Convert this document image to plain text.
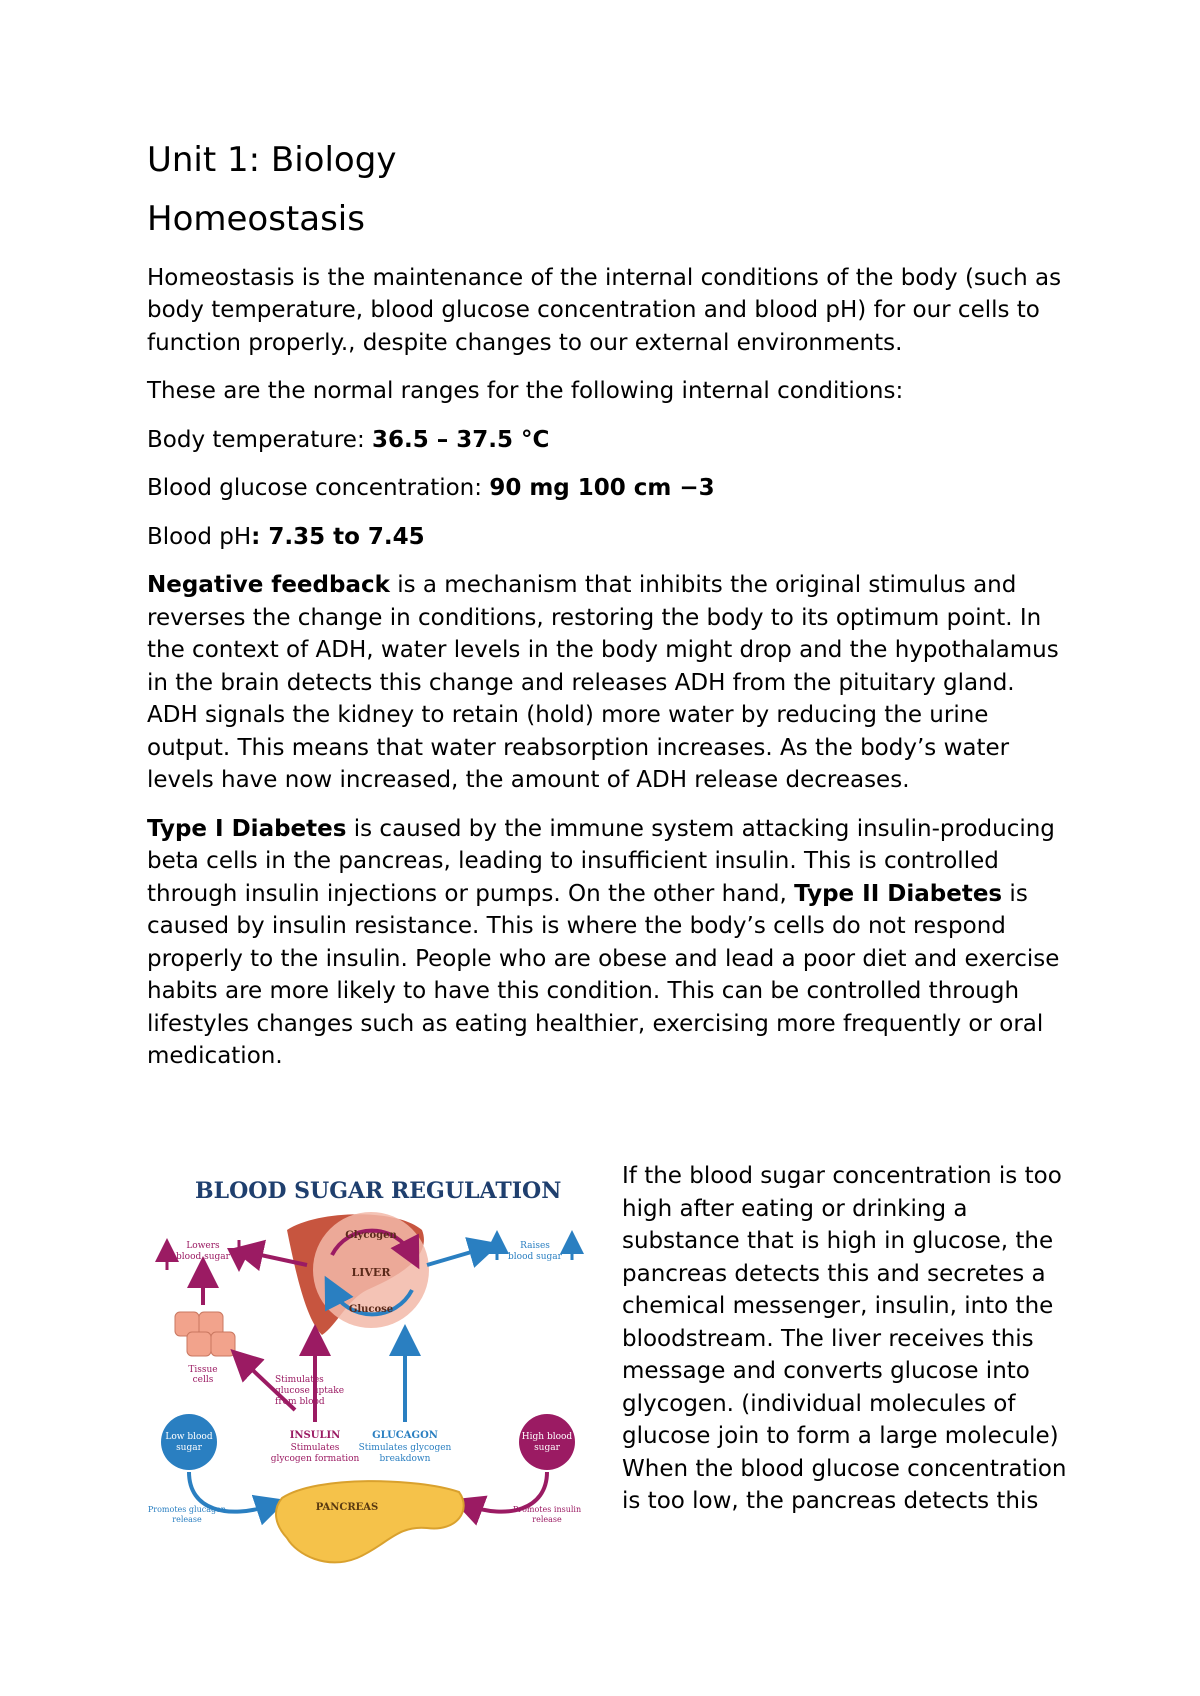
Unit 1: Biology
Homeostasis

Homeostasis is the maintenance of the internal conditions of the body (such as body temperature, blood glucose concentration and blood pH) for our cells to function properly., despite changes to our external environments.

These are the normal ranges for the following internal conditions:

Body temperature: 36.5 – 37.5 °C

Blood glucose concentration: 90 mg 100 cm −3

Blood pH: 7.35 to 7.45

Negative feedback is a mechanism that inhibits the original stimulus and reverses the change in conditions, restoring the body to its optimum point. In the context of ADH, water levels in the body might drop and the hypothalamus in the brain detects this change and releases ADH from the pituitary gland. ADH signals the kidney to retain (hold) more water by reducing the urine output. This means that water reabsorption increases. As the body’s water levels have now increased, the amount of ADH release decreases.

Type I Diabetes is caused by the immune system attacking insulin-producing beta cells in the pancreas, leading to insufficient insulin. This is controlled through insulin injections or pumps. On the other hand, Type II Diabetes is caused by insulin resistance. This is where the body’s cells do not respond properly to the insulin. People who are obese and lead a poor diet and exercise habits are more likely to have this condition. This can be controlled through lifestyles changes such as eating healthier, exercising more frequently or oral medication.

BLOOD SUGAR REGULATION
Lowers
blood sugar
Raises
blood sugar
Glycogen
LIVER
Glucose
Tissue
cells	Stimulates
glucose uptake
from blood
INSULIN
Stimulates
glycogen formation
GLUCAGON
Stimulates glycogen
breakdown
Low blood
sugar
High blood
sugar
PANCREAS
Promotes glucagon
release
Promotes insulin
release

If the blood sugar concentration is too high after eating or drinking a substance that is high in glucose, the pancreas detects this and secretes a chemical messenger, insulin, into the bloodstream. The liver receives this message and converts glucose into glycogen. (individual molecules of glucose join to form a large molecule) When the blood glucose concentration is too low, the pancreas detects this
